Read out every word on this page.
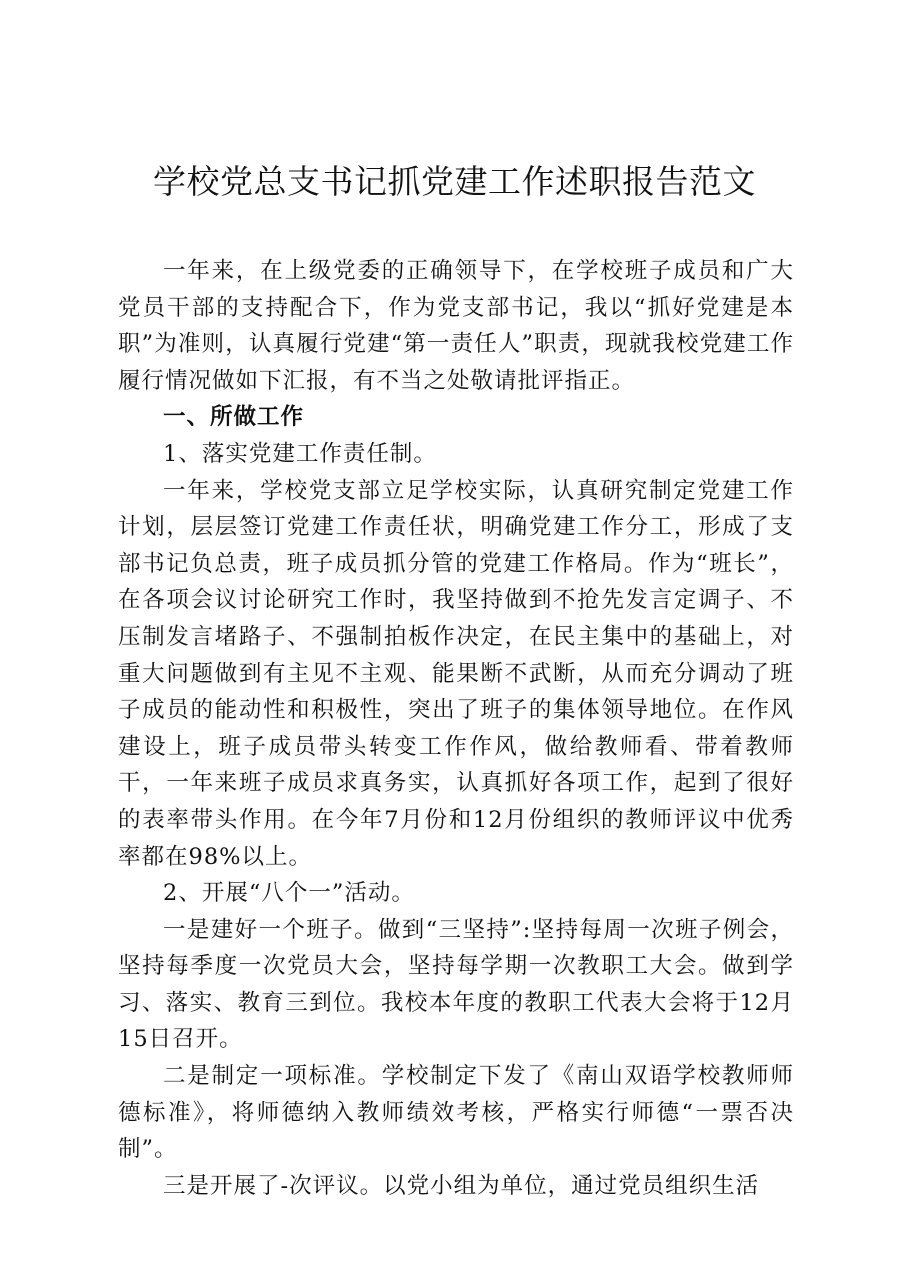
学校党总支书记抓党建工作述职报告范文

一年来，在上级党委的正确领导下，在学校班子成员和广大党员干部的支持配合下，作为党支部书记，我以“抓好党建是本职”为准则，认真履行党建“第一责任人”职责，现就我校党建工作履行情况做如下汇报，有不当之处敬请批评指正。

一、所做工作

1、落实党建工作责任制。

一年来，学校党支部立足学校实际，认真研究制定党建工作计划，层层签订党建工作责任状，明确党建工作分工，形成了支部书记负总责，班子成员抓分管的党建工作格局。作为“班长”，在各项会议讨论研究工作时，我坚持做到不抢先发言定调子、不压制发言堵路子、不强制拍板作决定，在民主集中的基础上，对重大问题做到有主见不主观、能果断不武断，从而充分调动了班子成员的能动性和积极性，突出了班子的集体领导地位。在作风建设上，班子成员带头转变工作作风，做给教师看、带着教师干，一年来班子成员求真务实，认真抓好各项工作，起到了很好的表率带头作用。在今年7月份和12月份组织的教师评议中优秀率都在98%以上。

2、开展“八个一”活动。

一是建好一个班子。做到“三坚持”:坚持每周一次班子例会，坚持每季度一次党员大会，坚持每学期一次教职工大会。做到学习、落实、教育三到位。我校本年度的教职工代表大会将于12月15日召开。

二是制定一项标准。学校制定下发了《南山双语学校教师师德标准》，将师德纳入教师绩效考核，严格实行师德“一票否决制”。

三是开展了-次评议。以党小组为单位，通过党员组织生活
